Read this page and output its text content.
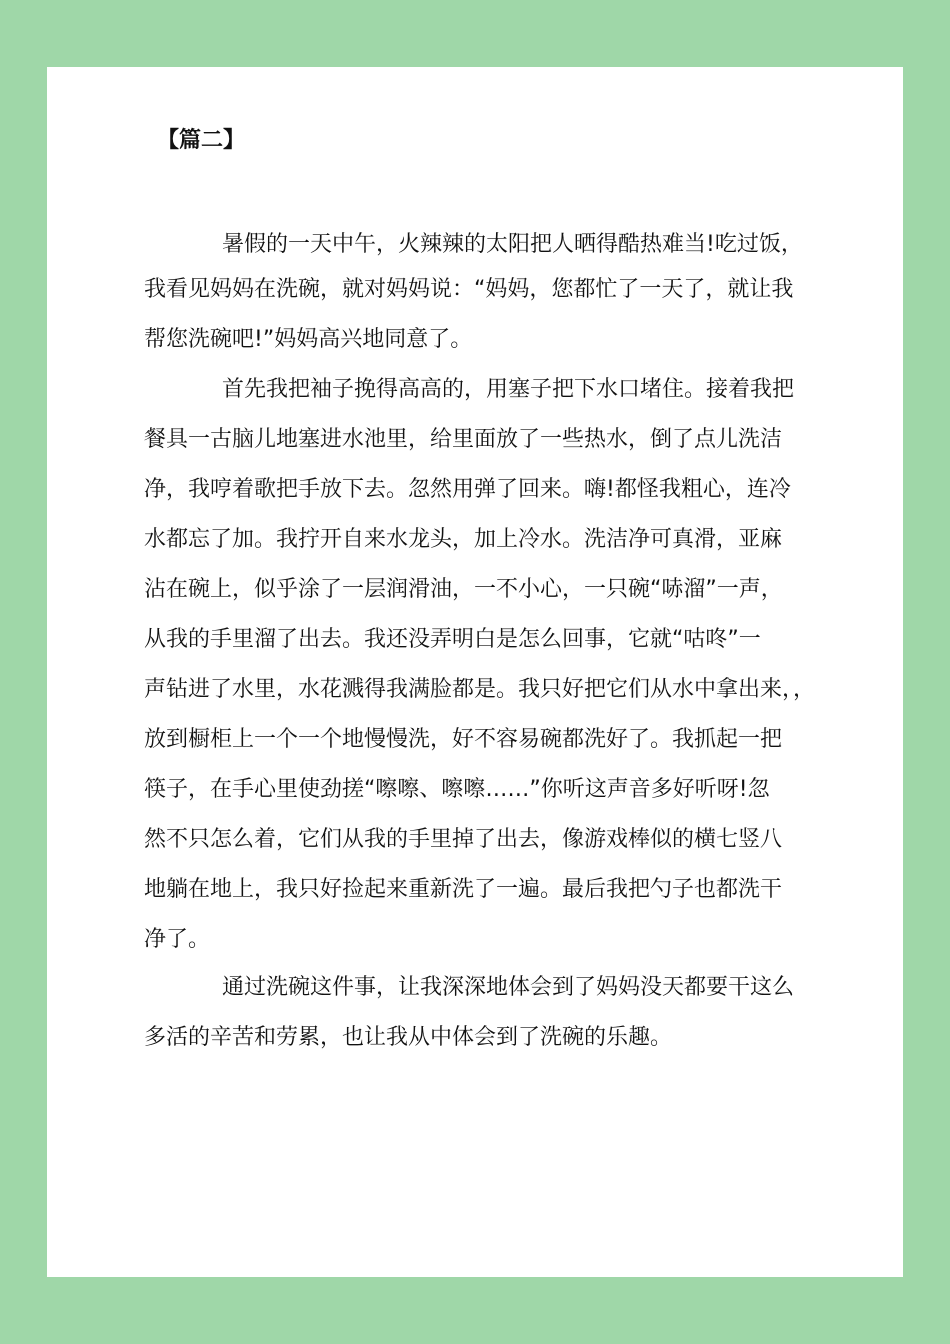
【篇二】
暑假的一天中午，火辣辣的太阳把人晒得酷热难当!吃过饭，
我看见妈妈在洗碗，就对妈妈说：“妈妈，您都忙了一天了，就让我
帮您洗碗吧!”妈妈高兴地同意了。
首先我把袖子挽得高高的，用塞子把下水口堵住。接着我把
餐具一古脑儿地塞进水池里，给里面放了一些热水，倒了点儿洗洁
净，我哼着歌把手放下去。忽然用弹了回来。嗨!都怪我粗心，连冷
水都忘了加。我拧开自来水龙头，加上冷水。洗洁净可真滑，亚麻
沾在碗上，似乎涂了一层润滑油，一不小心，一只碗“哧溜”一声，
从我的手里溜了出去。我还没弄明白是怎么回事，它就“咕咚”一
声钻进了水里，水花溅得我满脸都是。我只好把它们从水中拿出来，，
放到橱柜上一个一个地慢慢洗，好不容易碗都洗好了。我抓起一把
筷子，在手心里使劲搓“嚓嚓、嚓嚓……”你听这声音多好听呀!忽
然不只怎么着，它们从我的手里掉了出去，像游戏棒似的横七竖八
地躺在地上，我只好捡起来重新洗了一遍。最后我把勺子也都洗干
净了。
通过洗碗这件事，让我深深地体会到了妈妈没天都要干这么
多活的辛苦和劳累，也让我从中体会到了洗碗的乐趣。
